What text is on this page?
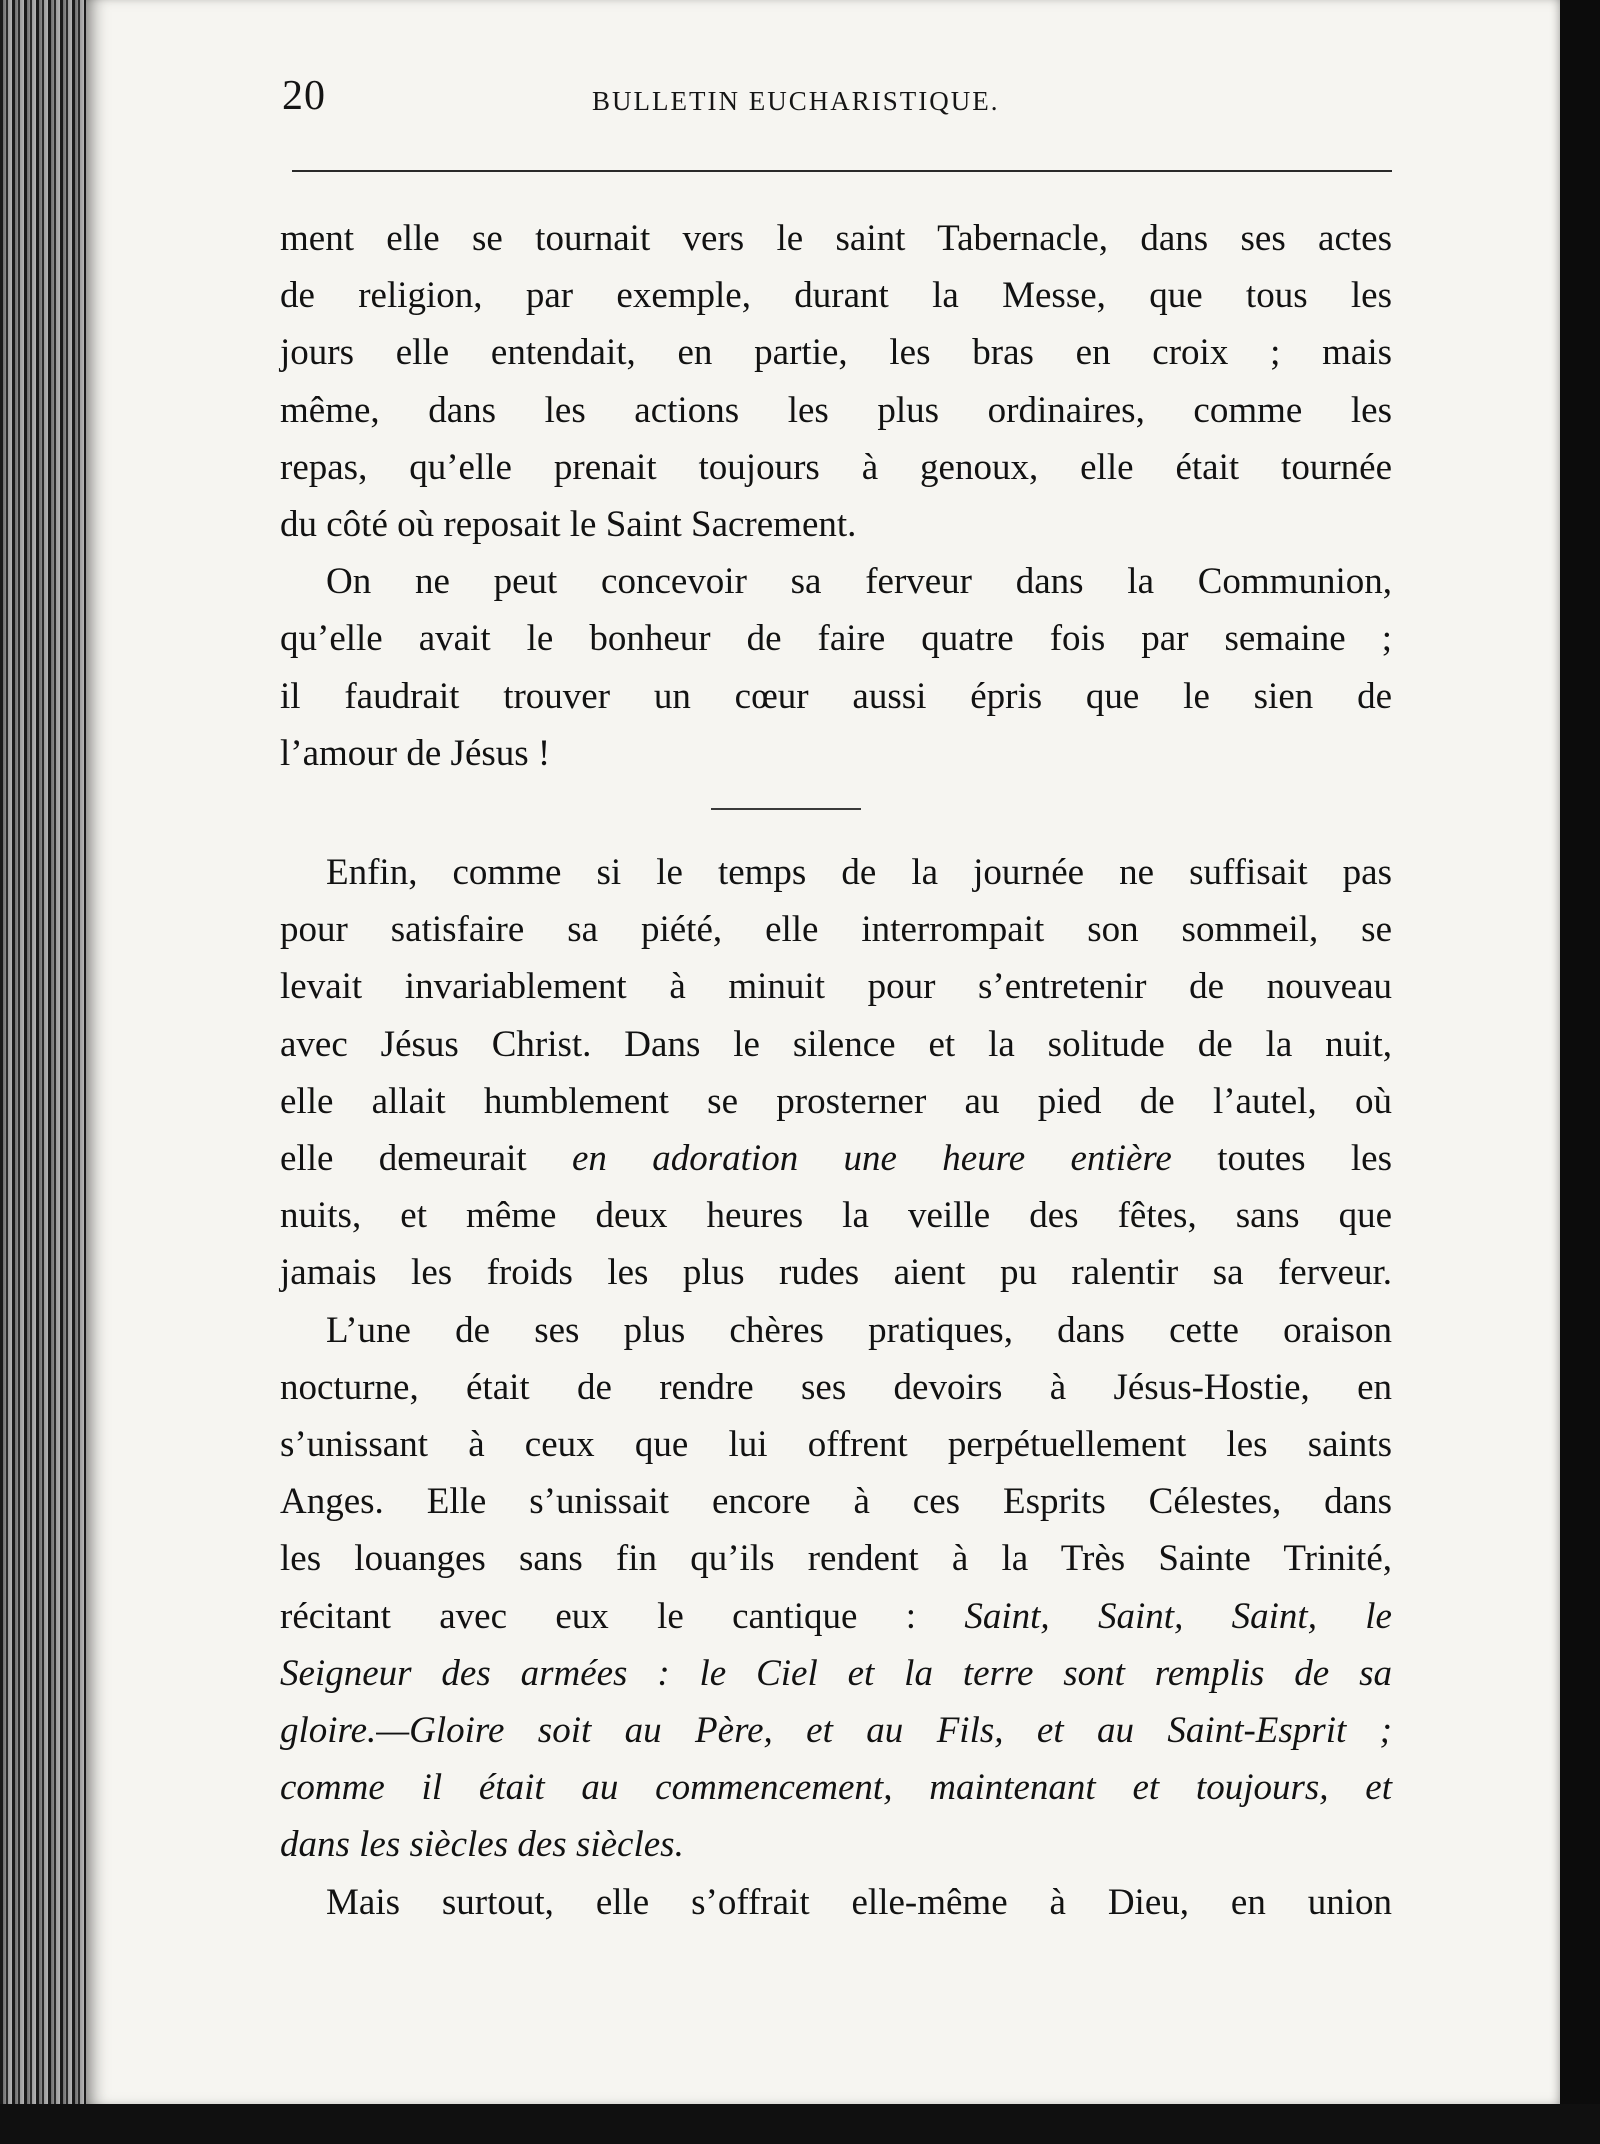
20	BULLETIN EUCHARISTIQUE.
ment elle se tournait vers le saint Tabernacle, dans ses actes
de religion, par exemple, durant la Messe, que tous les
jours elle entendait, en partie, les bras en croix ; mais
même, dans les actions les plus ordinaires, comme les
repas, qu’elle prenait toujours à genoux, elle était tournée
du côté où reposait le Saint Sacrement.
On ne peut concevoir sa ferveur dans la Communion,
qu’elle avait le bonheur de faire quatre fois par semaine ;
il faudrait trouver un cœur aussi épris que le sien de
l’amour de Jésus !
Enfin, comme si le temps de la journée ne suffisait pas
pour satisfaire sa piété, elle interrompait son sommeil, se
levait invariablement à minuit pour s’entretenir de nouveau
avec Jésus Christ. Dans le silence et la solitude de la nuit,
elle allait humblement se prosterner au pied de l’autel, où
elle demeurait en adoration une heure entière toutes les
nuits, et même deux heures la veille des fêtes, sans que
jamais les froids les plus rudes aient pu ralentir sa ferveur.
L’une de ses plus chères pratiques, dans cette oraison
nocturne, était de rendre ses devoirs à Jésus-Hostie, en
s’unissant à ceux que lui offrent perpétuellement les saints
Anges. Elle s’unissait encore à ces Esprits Célestes, dans
les louanges sans fin qu’ils rendent à la Très Sainte Trinité,
récitant avec eux le cantique : Saint, Saint, Saint, le
Seigneur des armées : le Ciel et la terre sont remplis de sa
gloire.—Gloire soit au Père, et au Fils, et au Saint-Esprit ;
comme il était au commencement, maintenant et toujours, et
dans les siècles des siècles.
Mais surtout, elle s’offrait elle-même à Dieu, en union
